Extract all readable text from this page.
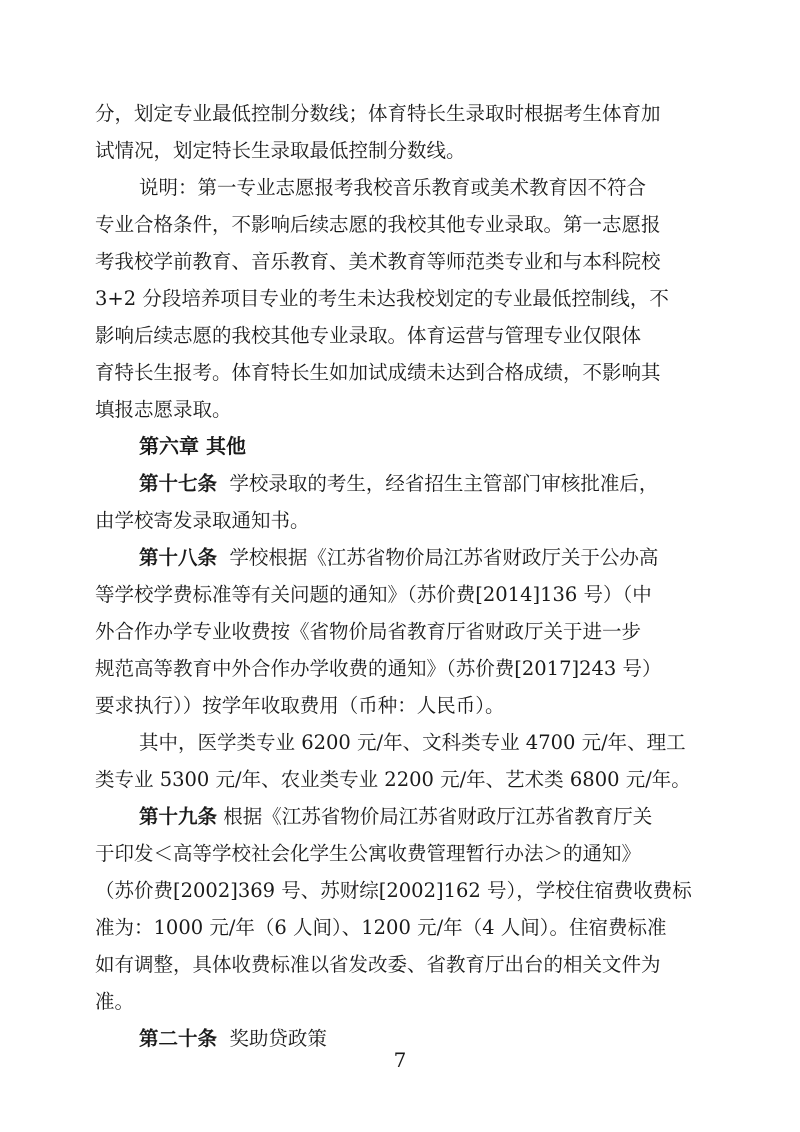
分，划定专业最低控制分数线；体育特长生录取时根据考生体育加
试情况，划定特长生录取最低控制分数线。
说明：第一专业志愿报考我校音乐教育或美术教育因不符合
专业合格条件，不影响后续志愿的我校其他专业录取。第一志愿报
考我校学前教育、音乐教育、美术教育等师范类专业和与本科院校
3+2 分段培养项目专业的考生未达我校划定的专业最低控制线，不
影响后续志愿的我校其他专业录取。体育运营与管理专业仅限体
育特长生报考。体育特长生如加试成绩未达到合格成绩，不影响其
填报志愿录取。
第六章 其他
第十七条 学校录取的考生，经省招生主管部门审核批准后，
由学校寄发录取通知书。
第十八条 学校根据《江苏省物价局江苏省财政厅关于公办高
等学校学费标准等有关问题的通知》（苏价费[2014]136 号）（中
外合作办学专业收费按《省物价局省教育厅省财政厅关于进一步
规范高等教育中外合作办学收费的通知》（苏价费[2017]243 号）
要求执行））按学年收取费用（币种：人民币）。
其中，医学类专业 6200 元/年、文科类专业 4700 元/年、理工
类专业 5300 元/年、农业类专业 2200 元/年、艺术类 6800 元/年。
第十九条 根据《江苏省物价局江苏省财政厅江苏省教育厅关
于印发＜高等学校社会化学生公寓收费管理暂行办法＞的通知》
（苏价费[2002]369 号、苏财综[2002]162 号），学校住宿费收费标
准为：1000 元/年（6 人间）、1200 元/年（4 人间）。住宿费标准
如有调整，具体收费标准以省发改委、省教育厅出台的相关文件为
准。
第二十条 奖助贷政策
7
